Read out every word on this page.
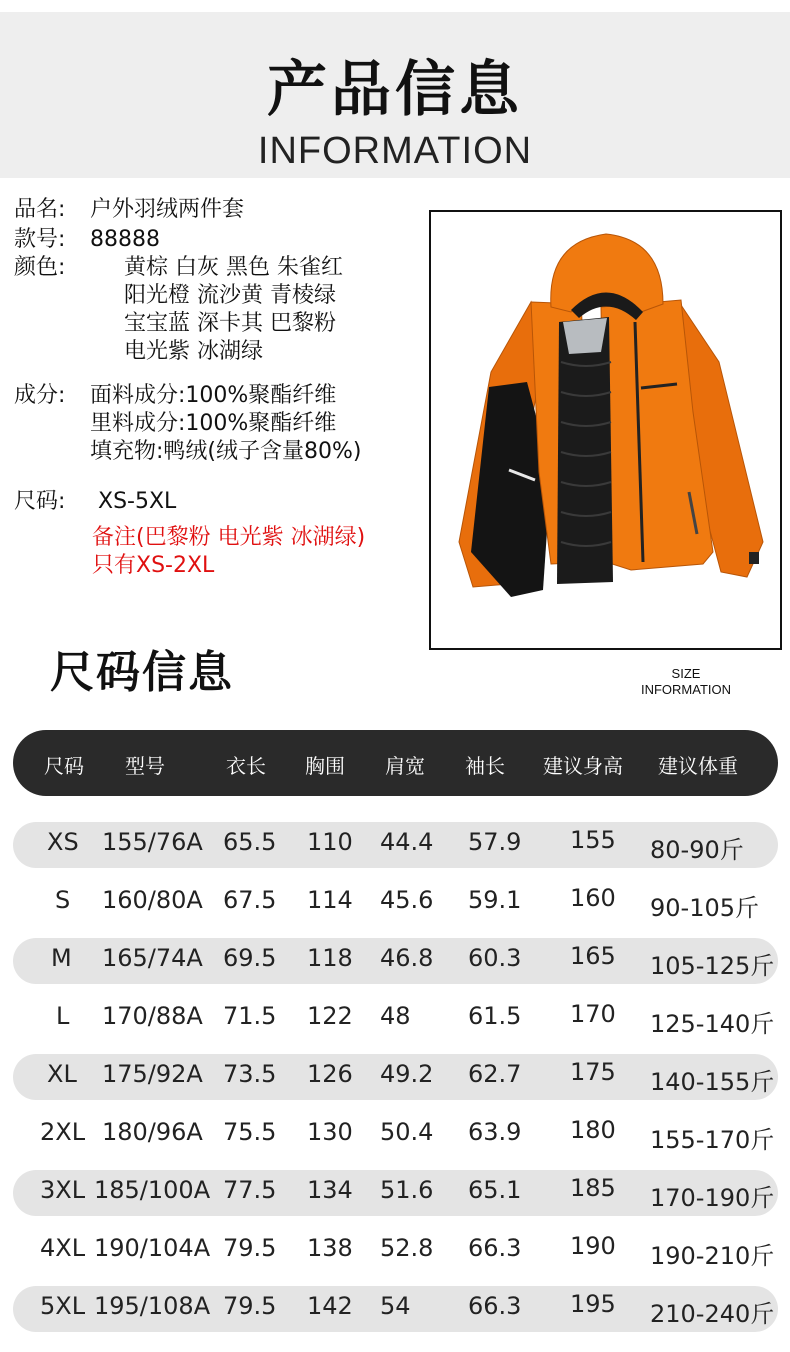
产品信息
INFORMATION
品名: 户外羽绒两件套
款号: 88888
颜色:	黄棕 白灰 黑色 朱雀红
阳光橙 流沙黄 青棱绿
宝宝蓝 深卡其 巴黎粉
电光紫 冰湖绿
成分: 面料成分:100%聚酯纤维
里料成分:100%聚酯纤维
填充物:鸭绒(绒子含量80%)
尺码: XS-5XL
备注(巴黎粉 电光紫 冰湖绿)
只有XS-2XL
尺码信息	SIZE
INFORMATION
尺码 型号	衣长 胸围 肩宽 袖长 建议身高 建议体重
XS 155/76A 65.5 110 44.4 57.9 155 80-90斤
S 160/80A 67.5 114 45.6 59.1 160 90-105斤
M 165/74A 69.5 118 46.8 60.3 165 105-125斤
L 170/88A 71.5 122 48 61.5 170 125-140斤
XL 175/92A 73.5 126 49.2 62.7 175 140-155斤
2XL 180/96A 75.5 130 50.4 63.9 180 155-170斤
3XL 185/100A 77.5 134 51.6 65.1 185 170-190斤
4XL 190/104A 79.5 138 52.8 66.3 190 190-210斤
5XL 195/108A 79.5 142 54 66.3 195 210-240斤
